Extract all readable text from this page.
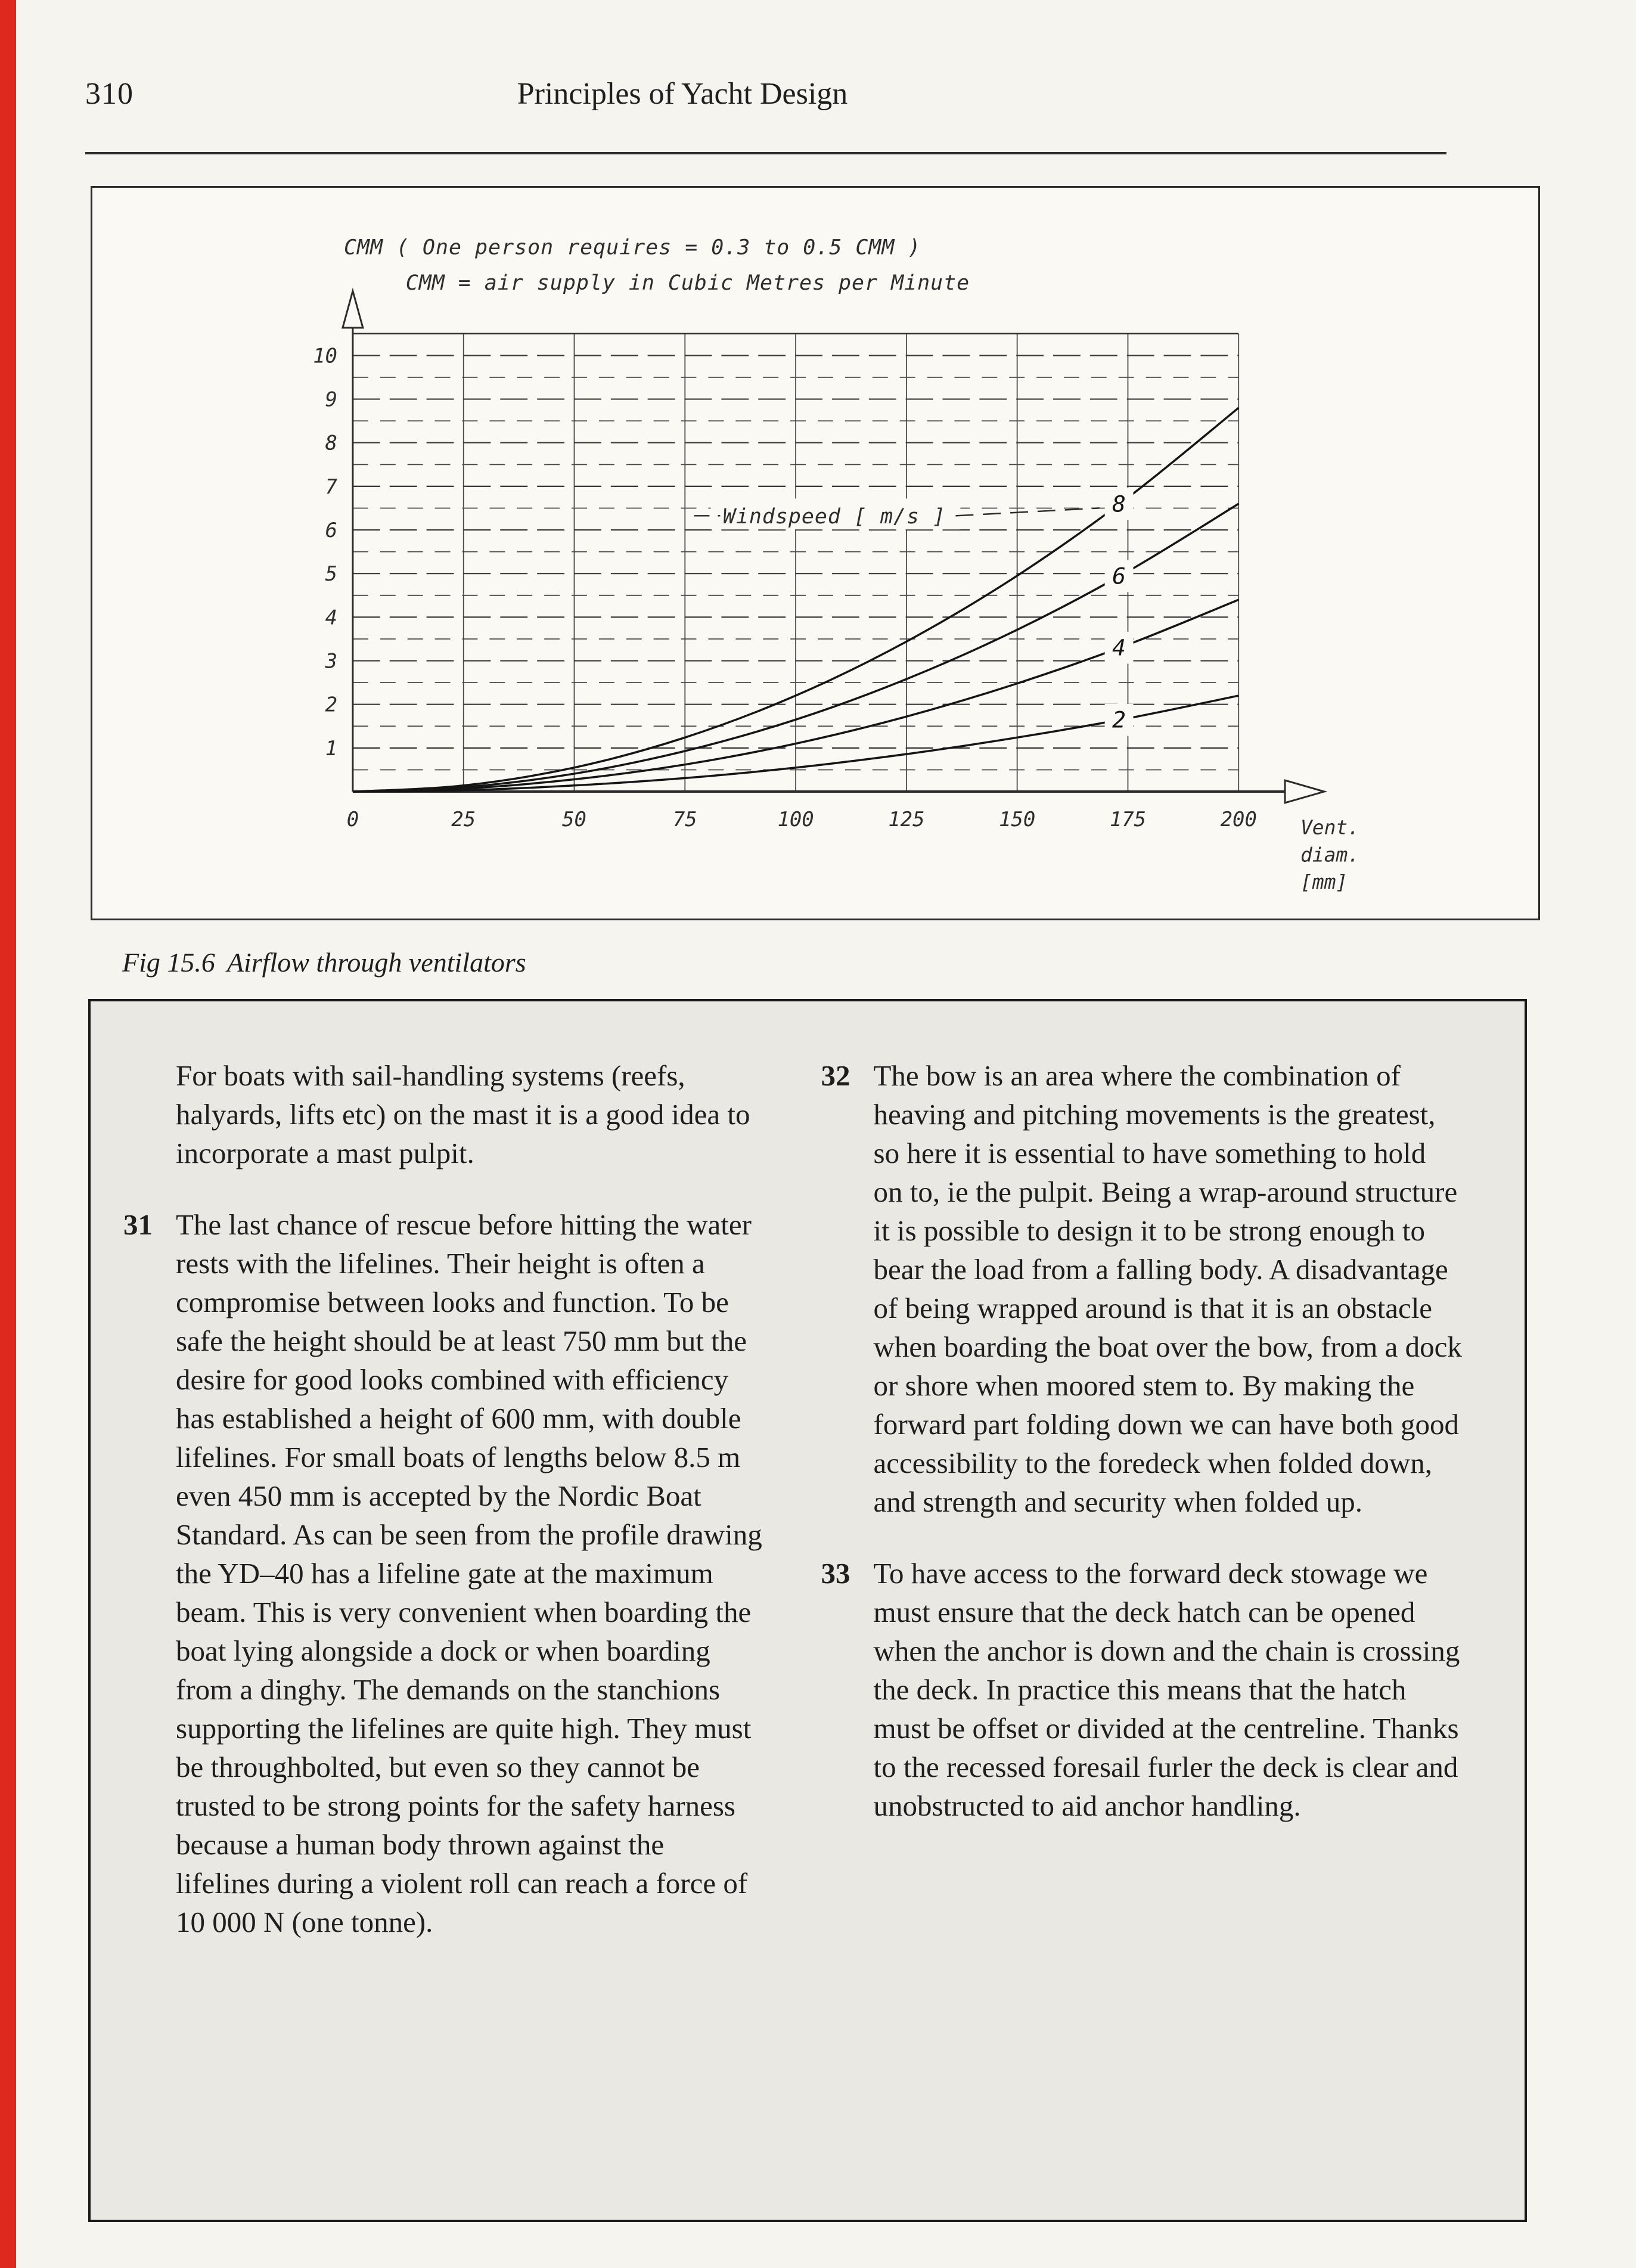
310	Principles of Yacht Design
CMM ( One person requires = 0.3 to 0.5 CMM )
CMM = air supply in Cubic Metres per Minute
1
2
3
4
5
6
7
8
9
10
0	25	50	75	100	125	150	175	200 Vent.
diam.
[mm]
Windspeed [ m/s ]
2
4
6
8
Fig 15.6 Airflow through ventilators
For boats with sail-handling systems (reefs, halyards, lifts etc) on the mast it is a good idea to incorporate a mast pulpit.
31 The last chance of rescue before hitting the water rests with the lifelines. Their height is often a compromise between looks and function. To be safe the height should be at least 750 mm but the desire for good looks combined with efficiency has established a height of 600 mm, with double lifelines. For small boats of lengths below 8.5 m even 450 mm is accepted by the Nordic Boat Standard. As can be seen from the profile drawing the YD–40 has a lifeline gate at the maximum beam. This is very convenient when boarding the boat lying alongside a dock or when boarding from a dinghy. The demands on the stanchions supporting the lifelines are quite high. They must be throughbolted, but even so they cannot be trusted to be strong points for the safety harness because a human body thrown against the lifelines during a violent roll can reach a force of 10 000 N (one tonne).
32 The bow is an area where the combination of heaving and pitching movements is the greatest, so here it is essential to have something to hold on to, ie the pulpit. Being a wrap-around structure it is possible to design it to be strong enough to bear the load from a falling body. A disadvantage of being wrapped around is that it is an obstacle when boarding the boat over the bow, from a dock or shore when moored stem to. By making the forward part folding down we can have both good accessibility to the foredeck when folded down, and strength and security when folded up.
33 To have access to the forward deck stowage we must ensure that the deck hatch can be opened when the anchor is down and the chain is crossing the deck. In practice this means that the hatch must be offset or divided at the centreline. Thanks to the recessed foresail furler the deck is clear and unobstructed to aid anchor handling.
